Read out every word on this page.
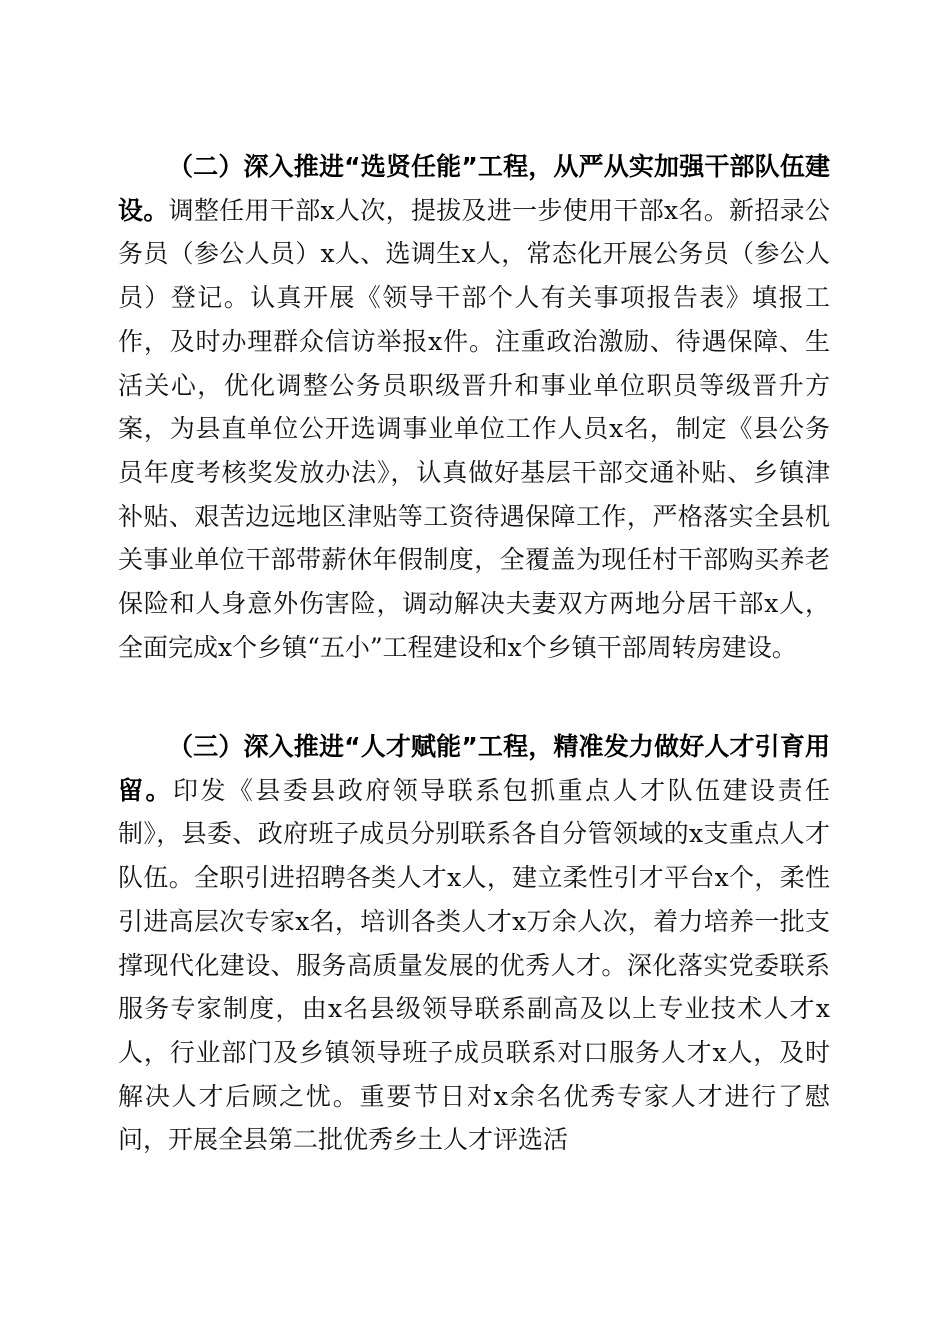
（二）深入推进“选贤任能”工程，从严从实加强干部队伍建设。调整任用干部x人次，提拔及进一步使用干部x名。新招录公务员（参公人员）x人、选调生x人，常态化开展公务员（参公人员）登记。认真开展《领导干部个人有关事项报告表》填报工作，及时办理群众信访举报x件。注重政治激励、待遇保障、生活关心，优化调整公务员职级晋升和事业单位职员等级晋升方案，为县直单位公开选调事业单位工作人员x名，制定《县公务员年度考核奖发放办法》，认真做好基层干部交通补贴、乡镇津补贴、艰苦边远地区津贴等工资待遇保障工作，严格落实全县机关事业单位干部带薪休年假制度，全覆盖为现任村干部购买养老保险和人身意外伤害险，调动解决夫妻双方两地分居干部x人，全面完成x个乡镇“五小”工程建设和x个乡镇干部周转房建设。

（三）深入推进“人才赋能”工程，精准发力做好人才引育用留。印发《县委县政府领导联系包抓重点人才队伍建设责任制》，县委、政府班子成员分别联系各自分管领域的x支重点人才队伍。全职引进招聘各类人才x人，建立柔性引才平台x个，柔性引进高层次专家x名，培训各类人才x万余人次，着力培养一批支撑现代化建设、服务高质量发展的优秀人才。深化落实党委联系服务专家制度，由x名县级领导联系副高及以上专业技术人才x人，行业部门及乡镇领导班子成员联系对口服务人才x人，及时解决人才后顾之忧。重要节日对x余名优秀专家人才进行了慰问，开展全县第二批优秀乡土人才评选活
